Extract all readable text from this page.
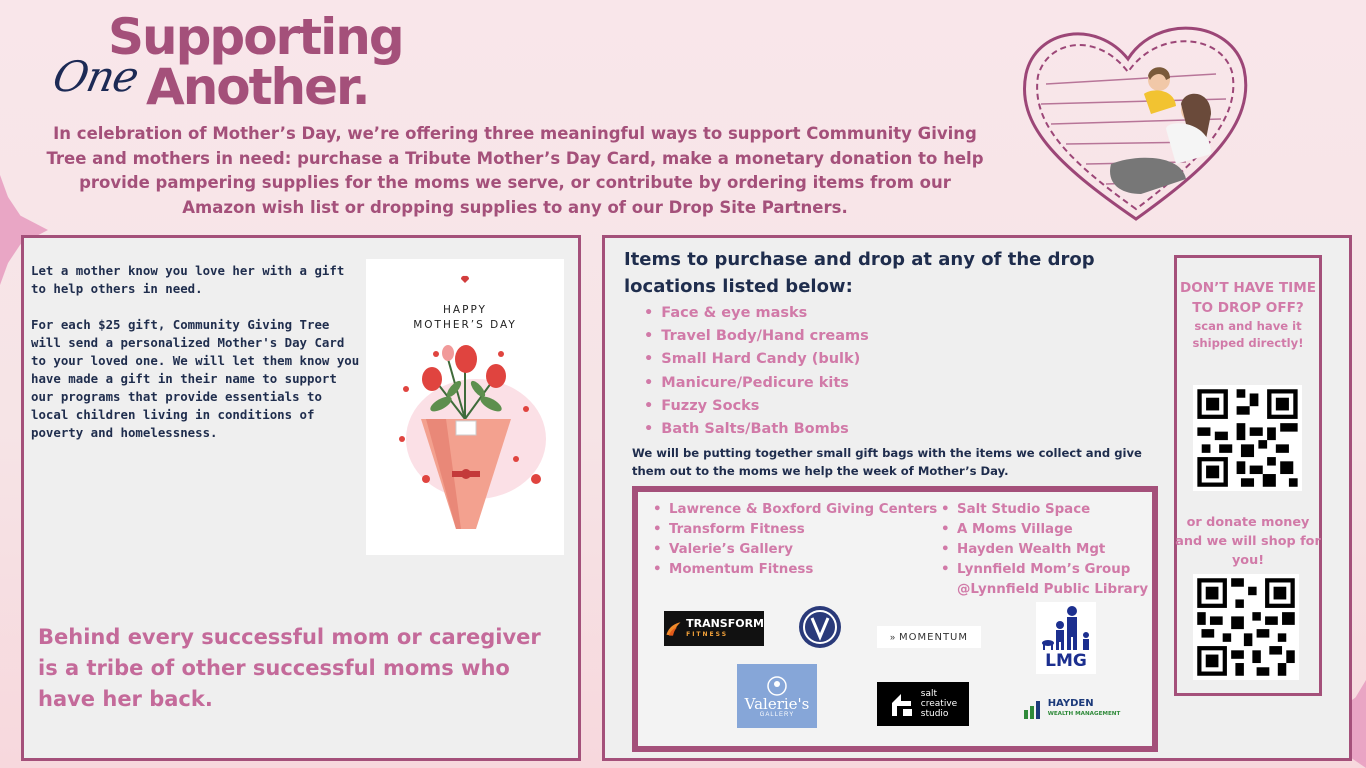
Supporting
One Another.
In celebration of Mother’s Day, we’re offering three meaningful ways to support Community Giving Tree and mothers in need: purchase a Tribute Mother’s Day Card, make a monetary donation to help provide pampering supplies for the moms we serve, or contribute by ordering items from our Amazon wish list or dropping supplies to any of our Drop Site Partners.

Let a mother know you love her with a gift to help others in need.

For each $25 gift, Community Giving Tree will send a personalized Mother's Day Card to your loved one. We will let them know you have made a gift in their name to support our programs that provide essentials to local children living in conditions of poverty and homelessness.

HAPPY
MOTHER’S DAY
Behind every successful mom or caregiver is a tribe of other successful moms who have her back.
Items to purchase and drop at any of the drop locations listed below:
• Face & eye masks
• Travel Body/Hand creams
• Small Hard Candy (bulk)
• Manicure/Pedicure kits
• Fuzzy Socks
• Bath Salts/Bath Bombs
We will be putting together small gift bags with the items we collect and give them out to the moms we help the week of Mother’s Day.
• Lawrence & Boxford Giving Centers
• Transform Fitness
• Valerie’s Gallery
• Momentum Fitness
• Salt Studio Space
• A Moms Village
• Hayden Wealth Mgt
• Lynnfield Mom’s Group @Lynnfield Public Library
TRANSFORM
FITNESS	» MOMENTUM
LMG
Valerie's
GALLERY
salt
creative
studio
HAYDEN
WEALTH MANAGEMENT
DON’T HAVE TIME TO DROP OFF?
scan and have it shipped directly!
or donate money and we will shop for you!
